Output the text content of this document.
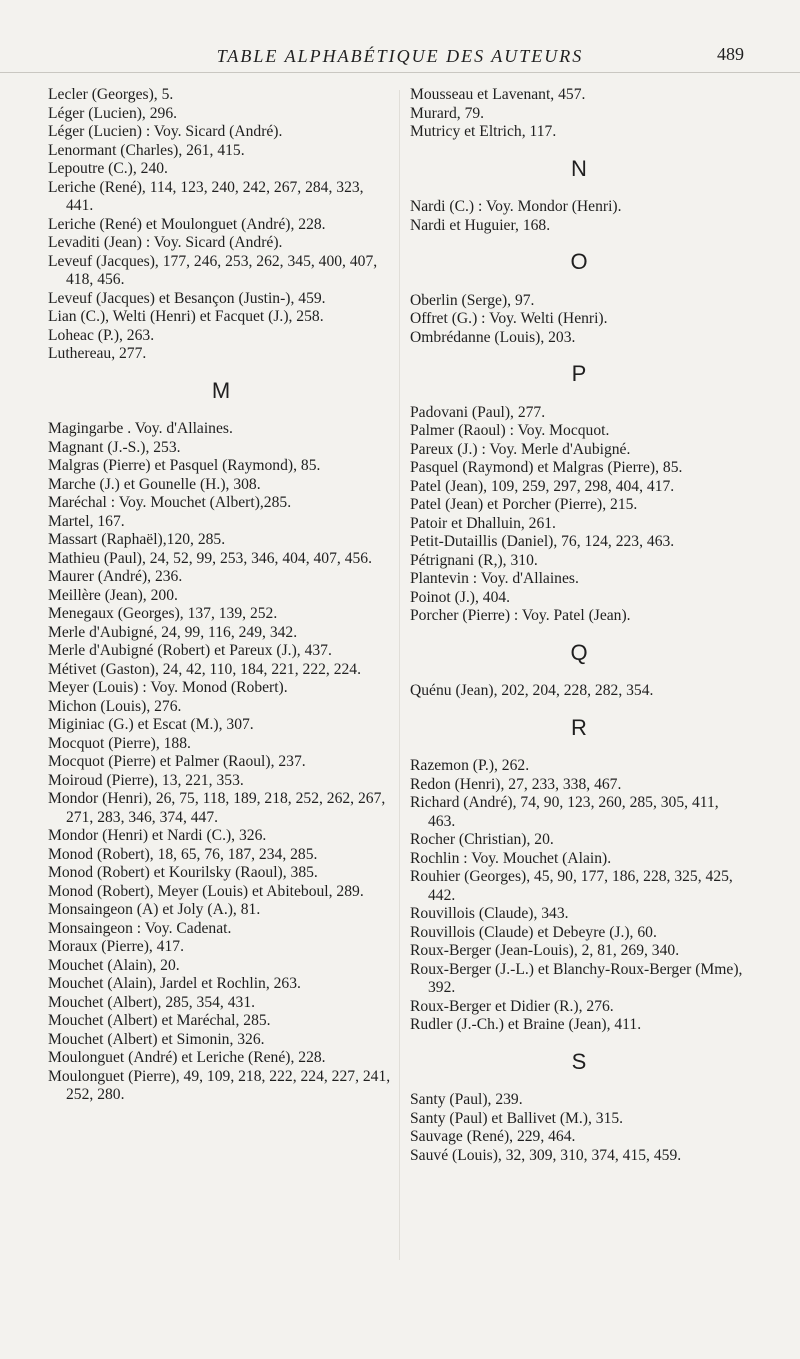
TABLE ALPHABÉTIQUE DES AUTEURS	489
Lecler (Georges), 5.
Léger (Lucien), 296.
Léger (Lucien) : Voy. Sicard (André).
Lenormant (Charles), 261, 415.
Lepoutre (C.), 240.
Leriche (René), 114, 123, 240, 242, 267, 284, 323, 441.
Leriche (René) et Moulonguet (André), 228.
Levaditi (Jean) : Voy. Sicard (André).
Leveuf (Jacques), 177, 246, 253, 262, 345, 400, 407, 418, 456.
Leveuf (Jacques) et Besançon (Justin-), 459.
Lian (C.), Welti (Henri) et Facquet (J.), 258.
Loheac (P.), 263.
Luthereau, 277.
M
Magingarbe . Voy. d'Allaines.
Magnant (J.-S.), 253.
Malgras (Pierre) et Pasquel (Raymond), 85.
Marche (J.) et Gounelle (H.), 308.
Maréchal : Voy. Mouchet (Albert),285.
Martel, 167.
Massart (Raphaël),120, 285.
Mathieu (Paul), 24, 52, 99, 253, 346, 404, 407, 456.
Maurer (André), 236.
Meillère (Jean), 200.
Menegaux (Georges), 137, 139, 252.
Merle d'Aubigné, 24, 99, 116, 249, 342.
Merle d'Aubigné (Robert) et Pareux (J.), 437.
Métivet (Gaston), 24, 42, 110, 184, 221, 222, 224.
Meyer (Louis) : Voy. Monod (Robert).
Michon (Louis), 276.
Miginiac (G.) et Escat (M.), 307.
Mocquot (Pierre), 188.
Mocquot (Pierre) et Palmer (Raoul), 237.
Moiroud (Pierre), 13, 221, 353.
Mondor (Henri), 26, 75, 118, 189, 218, 252, 262, 267, 271, 283, 346, 374, 447.
Mondor (Henri) et Nardi (C.), 326.
Monod (Robert), 18, 65, 76, 187, 234, 285.
Monod (Robert) et Kourilsky (Raoul), 385.
Monod (Robert), Meyer (Louis) et Abiteboul, 289.
Monsaingeon (A) et Joly (A.), 81.
Monsaingeon : Voy. Cadenat.
Moraux (Pierre), 417.
Mouchet (Alain), 20.
Mouchet (Alain), Jardel et Rochlin, 263.
Mouchet (Albert), 285, 354, 431.
Mouchet (Albert) et Maréchal, 285.
Mouchet (Albert) et Simonin, 326.
Moulonguet (André) et Leriche (René), 228.
Moulonguet (Pierre), 49, 109, 218, 222, 224, 227, 241, 252, 280.
Mousseau et Lavenant, 457.
Murard, 79.
Mutricy et Eltrich, 117.
N
Nardi (C.) : Voy. Mondor (Henri).
Nardi et Huguier, 168.
O
Oberlin (Serge), 97.
Offret (G.) : Voy. Welti (Henri).
Ombrédanne (Louis), 203.
P
Padovani (Paul), 277.
Palmer (Raoul) : Voy. Mocquot.
Pareux (J.) : Voy. Merle d'Aubigné.
Pasquel (Raymond) et Malgras (Pierre), 85.
Patel (Jean), 109, 259, 297, 298, 404, 417.
Patel (Jean) et Porcher (Pierre), 215.
Patoir et Dhalluin, 261.
Petit-Dutaillis (Daniel), 76, 124, 223, 463.
Pétrignani (R,), 310.
Plantevin : Voy. d'Allaines.
Poinot (J.), 404.
Porcher (Pierre) : Voy. Patel (Jean).
Q
Quénu (Jean), 202, 204, 228, 282, 354.
R
Razemon (P.), 262.
Redon (Henri), 27, 233, 338, 467.
Richard (André), 74, 90, 123, 260, 285, 305, 411, 463.
Rocher (Christian), 20.
Rochlin : Voy. Mouchet (Alain).
Rouhier (Georges), 45, 90, 177, 186, 228, 325, 425, 442.
Rouvillois (Claude), 343.
Rouvillois (Claude) et Debeyre (J.), 60.
Roux-Berger (Jean-Louis), 2, 81, 269, 340.
Roux-Berger (J.-L.) et Blanchy-Roux-Berger (Mme), 392.
Roux-Berger et Didier (R.), 276.
Rudler (J.-Ch.) et Braine (Jean), 411.
S
Santy (Paul), 239.
Santy (Paul) et Ballivet (M.), 315.
Sauvage (René), 229, 464.
Sauvé (Louis), 32, 309, 310, 374, 415, 459.
